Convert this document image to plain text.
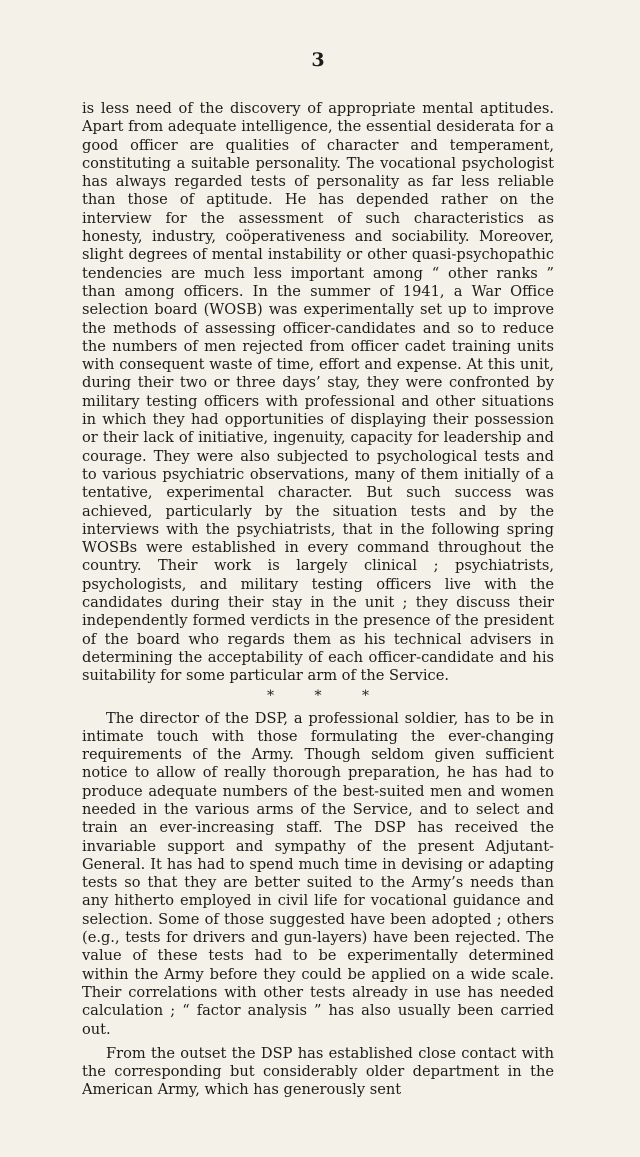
3

is less need of the discovery of appropriate mental aptitudes. Apart from adequate intelligence, the essential desiderata for a good officer are qualities of character and temperament, constituting a suitable personality. The vocational psychologist has always regarded tests of personality as far less reliable than those of aptitude. He has depended rather on the interview for the assessment of such characteristics as honesty, industry, coöperativeness and sociability. Moreover, slight degrees of mental instability or other quasi-psychopathic tendencies are much less important among “ other ranks ” than among officers. In the summer of 1941, a War Office selection board (WOSB) was experimentally set up to improve the methods of assessing officer-candidates and so to reduce the numbers of men rejected from officer cadet training units with consequent waste of time, effort and expense. At this unit, during their two or three days’ stay, they were confronted by military testing officers with professional and other situations in which they had opportunities of displaying their possession or their lack of initiative, ingenuity, capacity for leadership and courage. They were also subjected to psychological tests and to various psychiatric observations, many of them initially of a tentative, experimental character. But such success was achieved, particularly by the situation tests and by the interviews with the psychiatrists, that in the following spring WOSBs were established in every command throughout the country. Their work is largely clinical ; psychiatrists, psychologists, and military testing officers live with the candidates during their stay in the unit ; they discuss their independently formed verdicts in the presence of the president of the board who regards them as his technical advisers in determining the acceptability of each officer-candidate and his suitability for some particular arm of the Service.

* * *

The director of the DSP, a professional soldier, has to be in intimate touch with those formulating the ever-changing requirements of the Army. Though seldom given sufficient notice to allow of really thorough preparation, he has had to produce adequate numbers of the best-suited men and women needed in the various arms of the Service, and to select and train an ever-increasing staff. The DSP has received the invariable support and sympathy of the present Adjutant-General. It has had to spend much time in devising or adapting tests so that they are better suited to the Army’s needs than any hitherto employed in civil life for vocational guidance and selection. Some of those suggested have been adopted ; others (e.g., tests for drivers and gun-layers) have been rejected. The value of these tests had to be experimentally determined within the Army before they could be applied on a wide scale. Their correlations with other tests already in use has needed calculation ; “ factor analysis ” has also usually been carried out.

From the outset the DSP has established close contact with the corresponding but considerably older department in the American Army, which has generously sent
